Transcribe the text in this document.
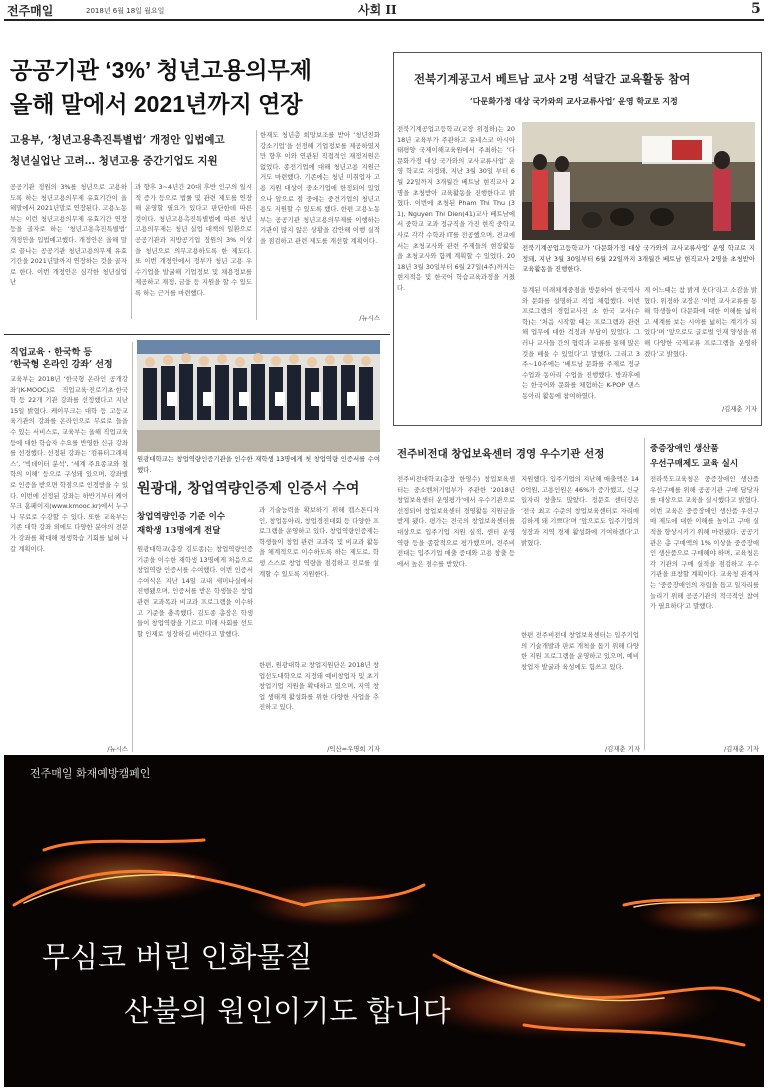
전주매일	2018년 6월 18일 월요일	사회 II	5
공공기관 ‘3%’ 청년고용의무제
올해 말에서 2021년까지 연장
고용부, ‘청년고용촉진특별법’ 개정안 입법예고
청년실업난 고려… 청년고용 중간기업도 지원
공공기관 정원의 3%를 청년으로 고용하도록 하는 청년고용의무제 유효기간이 올해말에서 2021년말로 연장된다. 고용노동부는 이런 청년고용의무제 유효기간 연장 등을 골자로 하는 ‘청년고용촉진특별법’ 개정안을 입법예고했다. 개정안은 올해 말로 끝나는 공공기관 청년고용의무제 유효기간을 2021년말까지 연장하는 것을 골자로 한다. 이번 개정안은 심각한 청년실업난
과 향후 3~4년간 20대 후반 인구의 일시적 증가 등으로 법률 및 관련 제도를 연장해 운영할 필요가 있다고 판단한데 따른 것이다. 청년고용촉진특별법에 따른 청년고용의무제는 청년 실업 대책의 일환으로 공공기관과 지방공기업 정원의 3% 이상을 청년으로 의무고용하도록 한 제도다. 또 이번 개정안에서 정부가 청년 고용 우수기업을 발굴해 기업정보 및 채용정보를 제공하고 재정, 금융 등 지원을 할 수 있도록 하는 근거를 마련했다.
한재도 청년층 희망보조를 받아 ‘청년친화 강소기업’을 선정해 기업정보를 제공하였지만 향후 이와 연관된 직접적인 재정지원은 없었다. 종전기업에 대해 청년고용 지원근거도 마련했다. 기존에는 청년 미취업자 고용 지원 대상이 중소기업에 한정되어 있었으나 앞으로 점 중에는 중견기업의 청년고용도 지원할 수 있도록 했다. 한편 고용노동부는 공공기관 청년고용의무제를 이행하는 기관이 많지 않은 상황을 감안해 이행 실적을 점검하고 관련 제도를 개선할 계획이다.
/뉴시스
전북기계공고서 베트남 교사 2명 석달간 교육활동 참여
‘다문화가정 대상 국가와의 교사교류사업’ 운영 학교로 지정
전북기계공업고등학교(교장 위정하)는 2018년 교육부가 주관하고 유네스코 아시아태평양 국제이해교육원에서 주최하는 ‘다문화가정 대상 국가와의 교사교류사업’ 운영 학교로 지정돼, 지난 3월 30일 부터 6월 22일까지 3개월간 베트남 현직교사 2명을 초청받아 교육활동을 진행한다고 밝혔다. 이번에 초청된 Pham Thi Thu (31), Nguyen Thi Dien(41)교사 베트남에서 중학교 교과 정규직을 가진 현직 중학교사로 각각 수학과 IT를 전공했으며, 전교에서는 초청교사와 관련 주제들의 현장활동을 초청교사와 함께 계획할 수 있었다. 2018년 3월 30일부터 6월 27일(4주)까지는 현지적응 및 한국어 학습교육과정을 거쳤다.
전북기계공업고등학교가 ‘다문화가정 대상 국가와의 교사교류사업’ 운영 학교로 지정돼, 지난 3월 30일부터 6월 22일까지 3개월간 베트남 현직교사 2명을 초청받아 교육활동을 진행한다.
동계된 미래체계중점을 방문하여 한국역사와 문화를 설명하고 직업 체험했다. 이번 프로그램의 경험교사진 소 한국 교사(수학)는 ‘처음 시작할 때는 프로그램과 관련해 업무에 대한 걱정과 부담이 있었다. 그러나 교사들 간의 협력과 교류를 통해 많은 것을 배울 수 있었다’고 말했다. 그리고 3주~10주에는 ‘베트남 문화를 주제로 정규 수업과 동아리 수업을 진행했다. 방과후에는 한국어와 문화를 체험하는 K-POP 댄스 동아리 활동에 참여하였다.
게 어느때는 참 밝게 웃다’라고 소감을 밝혔다. 위정하 교장은 ‘이번 교사교류를 통해 학생들이 다문화에 대한 이해를 넓히고 세계를 보는 시야를 넓히는 계기가 되었다’며 ‘앞으로도 글로벌 인재 양성을 위해 다양한 국제교류 프로그램을 운영하겠다’고 밝혔다.
/김재춘 기자
직업교육 · 한국학 등
‘한국형 온라인 강좌’ 선정
교육부는 2018년 ‘한국형 온라인 공개강좌’(K-MOOC)로 직업교육·진로기초·한국학 등 22개 기관 강좌를 선정했다고 지난 15일 밝혔다. 케이무크는 대학 등 고등교육기관의 강좌를 온라인으로 무료로 들을 수 있는 서비스로, 교육부는 올해 직업교육 등에 대한 학습자 수요를 반영한 신규 강좌를 선정했다. 선정된 강좌는 ‘컴퓨터그래픽스’, ‘빅데이터 분석’, ‘세계 주요종교와 철학의 이해’ 등으로 구성돼 있으며, 강좌별로 인증을 받으면 학점으로 인정받을 수 있다. 이번에 선정된 강좌는 하반기부터 케이무크 홈페이지(www.kmooc.kr)에서 누구나 무료로 수강할 수 있다. 또한 교육부는 기존 대학 강좌 외에도 다양한 분야의 전문가 강좌를 확대해 평생학습 기회를 넓혀 나갈 계획이다.
/뉴시스
원광대학교는 창업역량인증기관을 인수한 재학생 13명에게 첫 창업역량 인증서를 수여했다.
원광대, 창업역량인증제 인증서 수여
창업역량인증 기준 이수
재학생 13명에게 전달
원광대학교(총장 김도종)는 창업역량인증기준을 이수한 재학생 13명에게 처음으로 창업역량 인증서를 수여했다. 이번 인증서 수여식은 지난 14일 교내 세미나실에서 진행됐으며, 인증서를 받은 학생들은 창업 관련 교과목과 비교과 프로그램을 이수하고 기준을 충족했다. 김도종 총장은 학생들이 창업역량을 기르고 미래 사회를 선도할 인재로 성장하길 바란다고 말했다.
과 기술능력을 확보하기 위해 캡스톤디자인, 창업동아리, 창업경진대회 등 다양한 프로그램을 운영하고 있다. 창업역량인증제는 학생들이 창업 관련 교과목 및 비교과 활동을 체계적으로 이수하도록 하는 제도로, 학생 스스로 창업 역량을 점검하고 진로를 설계할 수 있도록 지원한다.
한편, 원광대학교 창업지원단은 2018년 창업선도대학으로 지정돼 예비창업자 및 초기 창업기업 지원을 확대하고 있으며, 지역 창업 생태계 활성화를 위한 다양한 사업을 추진하고 있다.
/익산=우명희 기자
전주비전대 창업보육센터 경영 우수기관 선정
전주비전대학교(총장 한영수) 창업보육센터는 중소벤처기업부가 주관한 ‘2018년 창업보육센터 운영평가’에서 우수기관으로 선정되어 창업보육센터 경영활동 지원금을 받게 됐다. 평가는 전국의 창업보육센터를 대상으로 입주기업 지원 실적, 센터 운영 역량 등을 종합적으로 평가했으며, 전주비전대는 입주기업 매출 증대와 고용 창출 등에서 높은 점수를 받았다.
지원했다. 입주기업의 지난해 매출액은 140억원, 고용인원은 46%가 증가했고, 신규 일자리 창출도 많았다. 정문호 센터장은 ‘전국 최고 수준의 창업보육센터로 자리매김하게 돼 기쁘다’며 ‘앞으로도 입주기업의 성장과 지역 경제 활성화에 기여하겠다’고 밝혔다.
한편 전주비전대 창업보육센터는 입주기업의 기술개발과 판로 개척을 돕기 위해 다양한 지원 프로그램을 운영하고 있으며, 예비 창업자 발굴과 육성에도 힘쓰고 있다.
/김재춘 기자
중증장애인 생산품
우선구매제도 교육 실시
전라북도교육청은 중증장애인 생산품 우선구매를 위해 공공기관 구매 담당자를 대상으로 교육을 실시했다고 밝혔다. 이번 교육은 중증장애인 생산품 우선구매 제도에 대한 이해를 높이고 구매 실적을 향상시키기 위해 마련됐다. 공공기관은 총 구매액의 1% 이상을 중증장애인 생산품으로 구매해야 하며, 교육청은 각 기관의 구매 실적을 점검하고 우수 기관을 표창할 계획이다. 교육청 관계자는 ‘중증장애인의 자립을 돕고 일자리를 늘리기 위해 공공기관의 적극적인 참여가 필요하다’고 말했다.
/김재춘 기자
전주매일 화재예방캠페인
무심코 버린 인화물질
산불의 원인이기도 합니다
